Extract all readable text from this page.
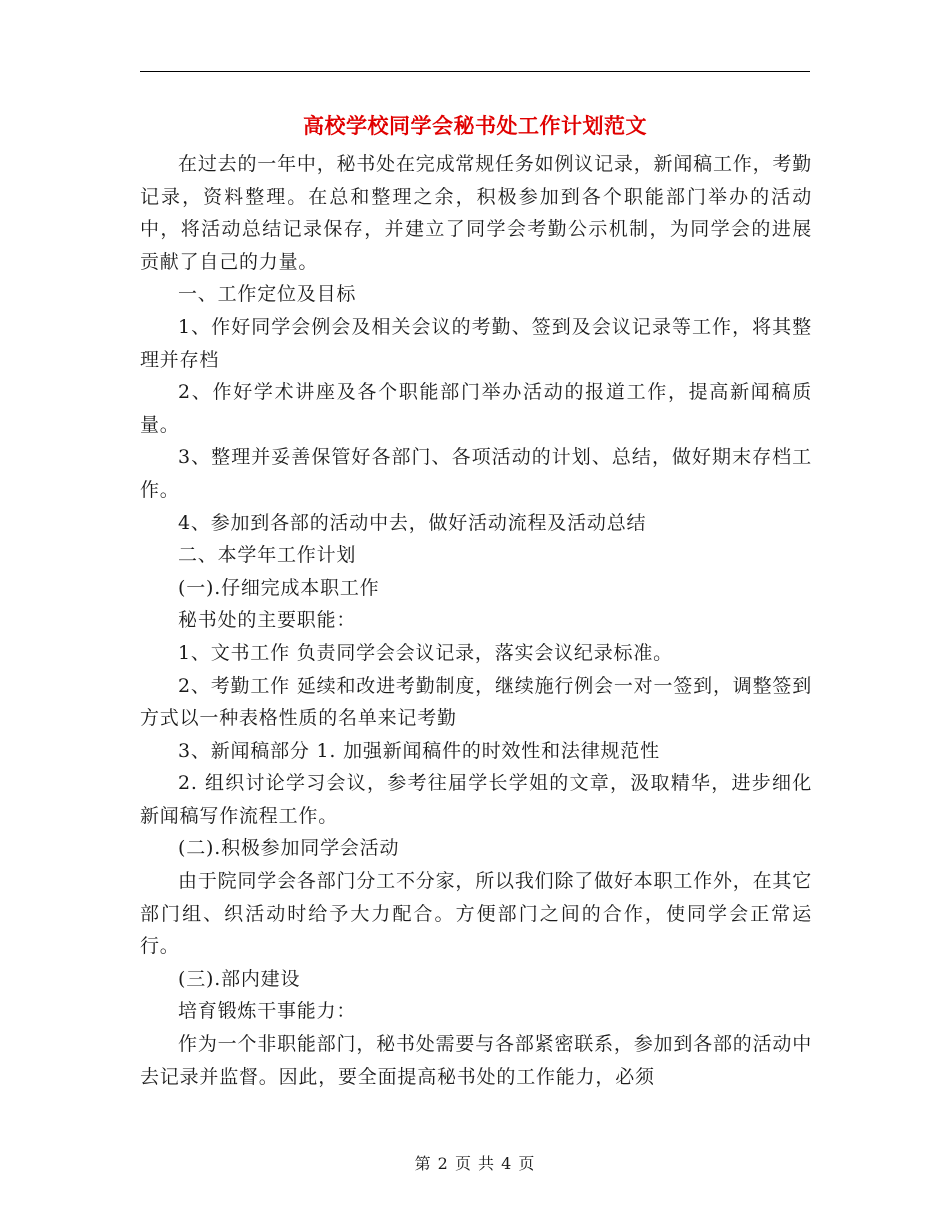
高校学校同学会秘书处工作计划范文

在过去的一年中，秘书处在完成常规任务如例议记录，新闻稿工作，考勤记录，资料整理。在总和整理之余，积极参加到各个职能部门举办的活动中，将活动总结记录保存，并建立了同学会考勤公示机制，为同学会的进展贡献了自己的力量。

一、工作定位及目标

1、作好同学会例会及相关会议的考勤、签到及会议记录等工作，将其整理并存档

2、作好学术讲座及各个职能部门举办活动的报道工作，提高新闻稿质量。

3、整理并妥善保管好各部门、各项活动的计划、总结，做好期末存档工作。

4、参加到各部的活动中去，做好活动流程及活动总结

二、本学年工作计划

(一).仔细完成本职工作

秘书处的主要职能：

1、文书工作 负责同学会会议记录，落实会议纪录标准。

2、考勤工作 延续和改进考勤制度，继续施行例会一对一签到，调整签到方式以一种表格性质的名单来记考勤

3、新闻稿部分 1. 加强新闻稿件的时效性和法律规范性

2. 组织讨论学习会议，参考往届学长学姐的文章，汲取精华，进步细化新闻稿写作流程工作。

(二).积极参加同学会活动

由于院同学会各部门分工不分家，所以我们除了做好本职工作外，在其它部门组、织活动时给予大力配合。方便部门之间的合作，使同学会正常运行。

(三).部内建设

培育锻炼干事能力：

作为一个非职能部门，秘书处需要与各部紧密联系，参加到各部的活动中去记录并监督。因此，要全面提高秘书处的工作能力，必须

第 2 页 共 4 页
